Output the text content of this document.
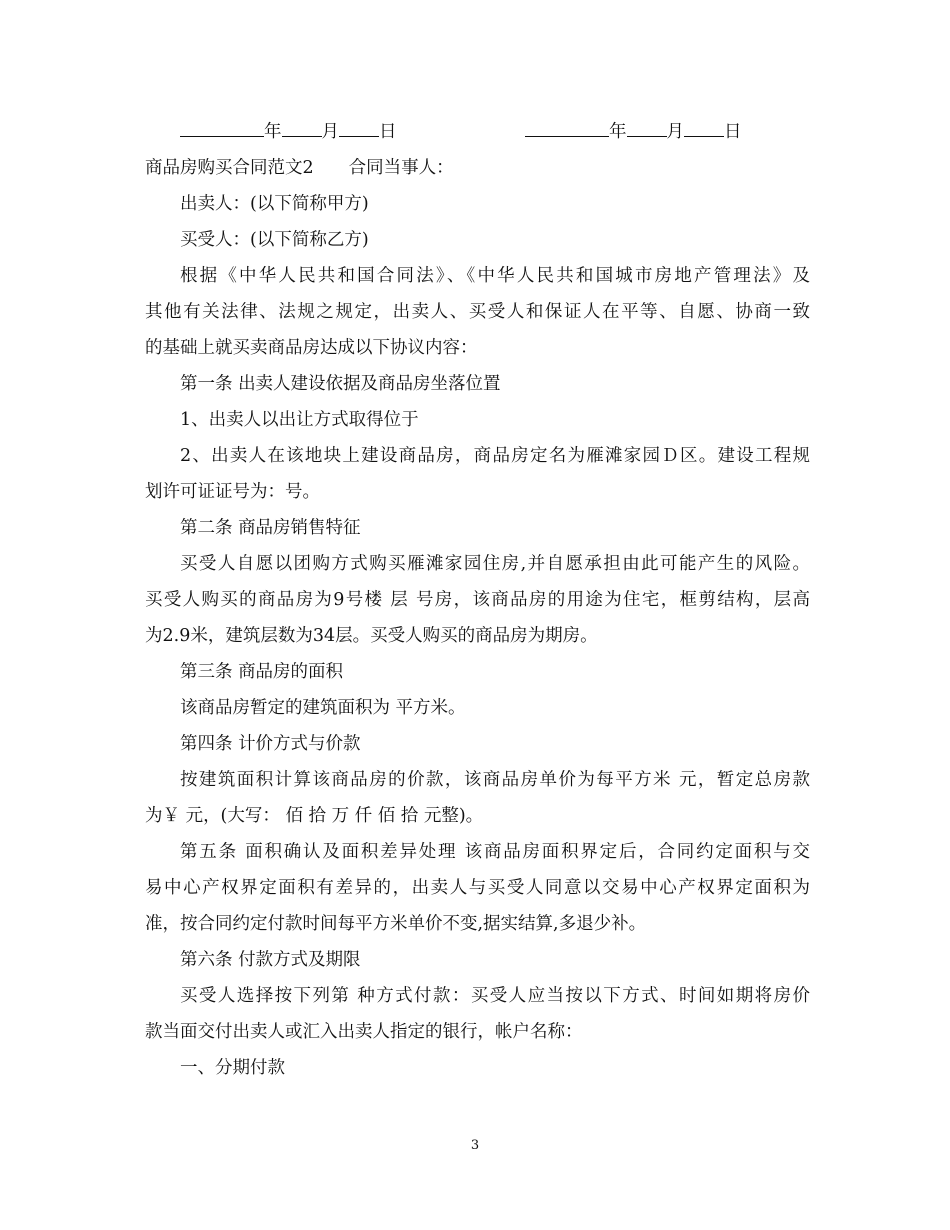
年 月 日	年 月 日
商品房购买合同范文2　　合同当事人：
出卖人：(以下简称甲方)
买受人：(以下简称乙方)
根据《中华人民共和国合同法》、《中华人民共和国城市房地产管理法》及
其他有关法律、法规之规定，出卖人、买受人和保证人在平等、自愿、协商一致
的基础上就买卖商品房达成以下协议内容：
第一条 出卖人建设依据及商品房坐落位置
1、出卖人以出让方式取得位于
2、出卖人在该地块上建设商品房，商品房定名为雁滩家园Ｄ区。建设工程规
划许可证证号为：号。
第二条 商品房销售特征
买受人自愿以团购方式购买雁滩家园住房,并自愿承担由此可能产生的风险。
买受人购买的商品房为9号楼 层 号房，该商品房的用途为住宅，框剪结构，层高
为2.9米，建筑层数为34层。买受人购买的商品房为期房。
第三条 商品房的面积
该商品房暂定的建筑面积为 平方米。
第四条 计价方式与价款
按建筑面积计算该商品房的价款，该商品房单价为每平方米 元，暂定总房款
为￥ 元，(大写： 佰 拾 万 仟 佰 拾 元整)。
第五条 面积确认及面积差异处理 该商品房面积界定后，合同约定面积与交
易中心产权界定面积有差异的，出卖人与买受人同意以交易中心产权界定面积为
准，按合同约定付款时间每平方米单价不变,据实结算,多退少补。
第六条 付款方式及期限
买受人选择按下列第 种方式付款：买受人应当按以下方式、时间如期将房价
款当面交付出卖人或汇入出卖人指定的银行，帐户名称：
一、分期付款
3
